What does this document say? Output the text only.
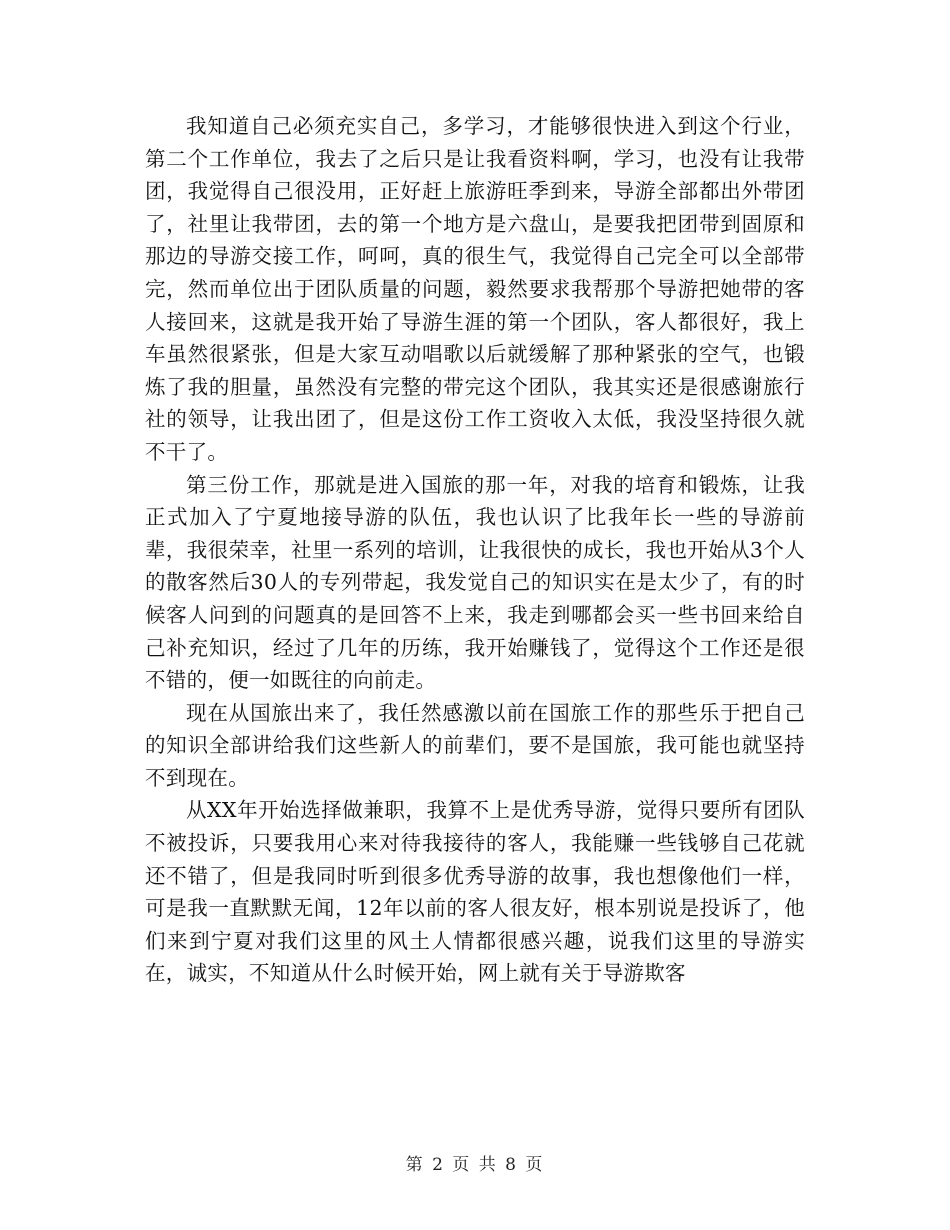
我知道自己必须充实自己，多学习，才能够很快进入到这个行业，第二个工作单位，我去了之后只是让我看资料啊，学习，也没有让我带团，我觉得自己很没用，正好赶上旅游旺季到来，导游全部都出外带团了，社里让我带团，去的第一个地方是六盘山，是要我把团带到固原和那边的导游交接工作，呵呵，真的很生气，我觉得自己完全可以全部带完，然而单位出于团队质量的问题，毅然要求我帮那个导游把她带的客人接回来，这就是我开始了导游生涯的第一个团队，客人都很好，我上车虽然很紧张，但是大家互动唱歌以后就缓解了那种紧张的空气，也锻炼了我的胆量，虽然没有完整的带完这个团队，我其实还是很感谢旅行社的领导，让我出团了，但是这份工作工资收入太低，我没坚持很久就不干了。

第三份工作，那就是进入国旅的那一年，对我的培育和锻炼，让我正式加入了宁夏地接导游的队伍，我也认识了比我年长一些的导游前辈，我很荣幸，社里一系列的培训，让我很快的成长，我也开始从3个人的散客然后30人的专列带起，我发觉自己的知识实在是太少了，有的时候客人问到的问题真的是回答不上来，我走到哪都会买一些书回来给自己补充知识，经过了几年的历练，我开始赚钱了，觉得这个工作还是很不错的，便一如既往的向前走。

现在从国旅出来了，我任然感激以前在国旅工作的那些乐于把自己的知识全部讲给我们这些新人的前辈们，要不是国旅，我可能也就坚持不到现在。

从XX年开始选择做兼职，我算不上是优秀导游，觉得只要所有团队不被投诉，只要我用心来对待我接待的客人，我能赚一些钱够自己花就还不错了，但是我同时听到很多优秀导游的故事，我也想像他们一样，可是我一直默默无闻，12年以前的客人很友好，根本别说是投诉了，他们来到宁夏对我们这里的风土人情都很感兴趣，说我们这里的导游实在，诚实，不知道从什么时候开始，网上就有关于导游欺客

第 2 页 共 8 页
